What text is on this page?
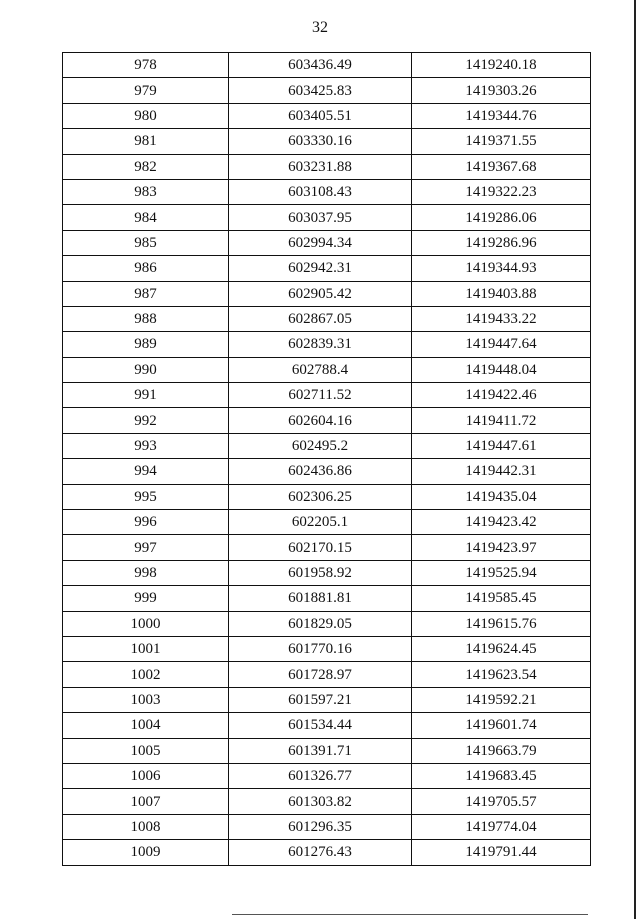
32
978	603436.49	1419240.18
979	603425.83	1419303.26
980	603405.51	1419344.76
981	603330.16	1419371.55
982	603231.88	1419367.68
983	603108.43	1419322.23
984	603037.95	1419286.06
985	602994.34	1419286.96
986	602942.31	1419344.93
987	602905.42	1419403.88
988	602867.05	1419433.22
989	602839.31	1419447.64
990	602788.4	1419448.04
991	602711.52	1419422.46
992	602604.16	1419411.72
993	602495.2	1419447.61
994	602436.86	1419442.31
995	602306.25	1419435.04
996	602205.1	1419423.42
997	602170.15	1419423.97
998	601958.92	1419525.94
999	601881.81	1419585.45
1000	601829.05	1419615.76
1001	601770.16	1419624.45
1002	601728.97	1419623.54
1003	601597.21	1419592.21
1004	601534.44	1419601.74
1005	601391.71	1419663.79
1006	601326.77	1419683.45
1007	601303.82	1419705.57
1008	601296.35	1419774.04
1009	601276.43	1419791.44
